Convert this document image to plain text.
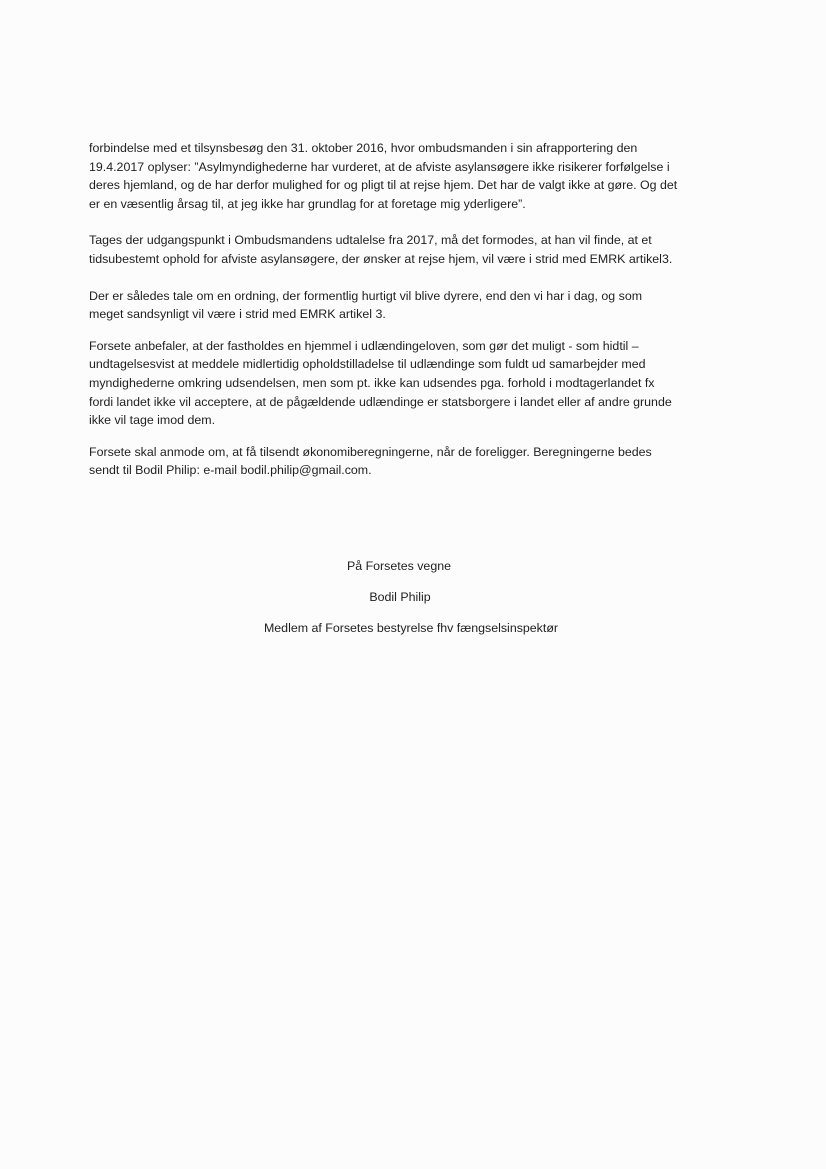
forbindelse med et tilsynsbesøg den 31. oktober 2016, hvor ombudsmanden i sin afrapportering den
19.4.2017 oplyser: ”Asylmyndighederne har vurderet, at de afviste asylansøgere ikke risikerer forfølgelse i
deres hjemland, og de har derfor mulighed for og pligt til at rejse hjem. Det har de valgt ikke at gøre. Og det
er en væsentlig årsag til, at jeg ikke har grundlag for at foretage mig yderligere”.

Tages der udgangspunkt i Ombudsmandens udtalelse fra 2017, må det formodes, at han vil finde, at et
tidsubestemt ophold for afviste asylansøgere, der ønsker at rejse hjem, vil være i strid med EMRK artikel3.

Der er således tale om en ordning, der formentlig hurtigt vil blive dyrere, end den vi har i dag, og som
meget sandsynligt vil være i strid med EMRK artikel 3.

Forsete anbefaler, at der fastholdes en hjemmel i udlændingeloven, som gør det muligt - som hidtil –
undtagelsesvist at meddele midlertidig opholdstilladelse til udlændinge som fuldt ud samarbejder med
myndighederne omkring udsendelsen, men som pt. ikke kan udsendes pga. forhold i modtagerlandet fx
fordi landet ikke vil acceptere, at de pågældende udlændinge er statsborgere i landet eller af andre grunde
ikke vil tage imod dem.

Forsete skal anmode om, at få tilsendt økonomiberegningerne, når de foreligger. Beregningerne bedes
sendt til Bodil Philip: e-mail bodil.philip@gmail.com.

På Forsetes vegne
Bodil Philip
Medlem af Forsetes bestyrelse fhv fængselsinspektør
